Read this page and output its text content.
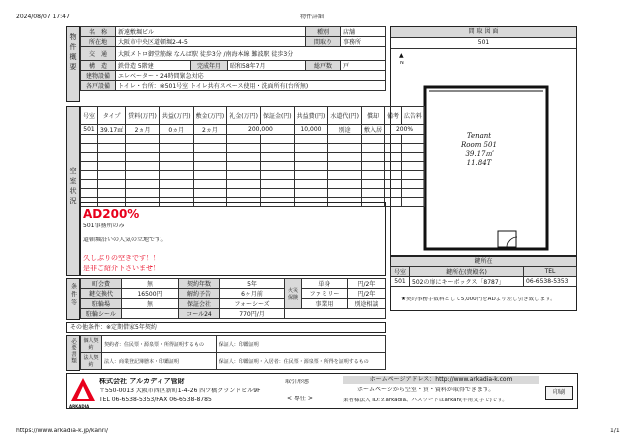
2024/08/07 17:47	物件詳細
物件概要
名　称	新遠敷堀ビル			種別	店舗
所在地	大阪市中央区道頓堀2-4-5			間取り	事務所
交　通	大阪メトロ御堂筋線 なんば駅 徒歩3分 /南海本線 難波駅 徒歩3分				
構　造	鉄骨造 5階建	完成年月	昭和58年7月	総戸数	戸
建物設備	エレベーター・24時間緊急対応				
各戸設備	トイレ・台所：※501号室 トイレ共有スペース使用・洗面所有(台所無)				
間 取 図 面
501
▲
N
Tenant
Room 501
39.17㎡
11.84T
空室状況
号室	タイプ	賃料(万円)	共益(万円)	敷金(万円)	礼金(万円)	保証金(円)	共益費(円)	水道代(円)	償却	備考	広告料
501	39.17㎡	2ヵ月	0ヵ月	2ヵ月	200,000		10,000	別途	敷入居	200%	

AD200%
501事務所のみ
道頓堀沿いの人気の立地です。
久しぶりの空きです！！
是非ご紹介下さいませ！
鍵所在
号室	鍵所在(貴殿名)	TEL
501	502の扉にキーボックス「8787」	06-6538-5353
★契約事務手数料として5,000円をADより差し引き致します。
条件等	町会費	無	契約年数	5年	火災保険	単身	円/2年
鍵交換代	16500円	解約予告	6ヶ月前		ファミリー	円/2年
駐輪場	無	保証会社	フォーシーズ		事業用	別途相談
駐輪シール		コール24	770円/月			
その他条件：※定期借家5年契約
必要書類 個人契約	契約者：住民票・源泉票・所得証明するもの	保証人：印鑑証明
法人契約	法人：商業登記簿謄本・印鑑証明	保証人：印鑑証明・入居者：住民票・源泉票・所得を証明するもの
ARKADIA
株式会社 アルカディア管財
〒550-0013 大阪市西区新町1-4-26 四ツ橋グランドビル9F
TEL 06-6538-5353/FAX 06-6538-8785
取引形態
< 専任 >
ホームページアドレス：http://www.arkadia-k.com
ホームページから空室・賃・資料が取得できます。
業者様法人 ID:ｚarkadia、パスワードはarkan(半角文字で)です。
印刷
https://www.arkadia-k.jp/kanri/	1/1
